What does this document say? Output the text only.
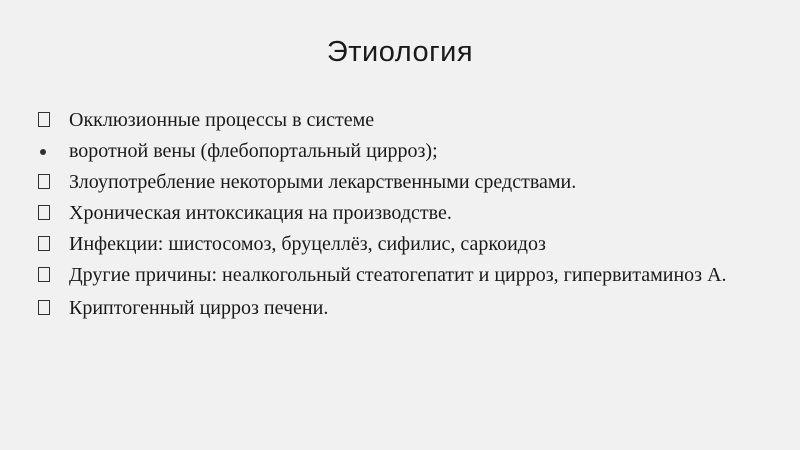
Этиология
Окклюзионные процессы в системе
воротной вены (флебопортальный цирроз);
Злоупотребление некоторыми лекарственными средствами.
Хроническая интоксикация на производстве.
Инфекции: шистосомоз, бруцеллёз, сифилис, саркоидоз
Другие причины: неалкогольный стеатогепатит и цирроз, гипервитаминоз А.
Криптогенный цирроз печени.
